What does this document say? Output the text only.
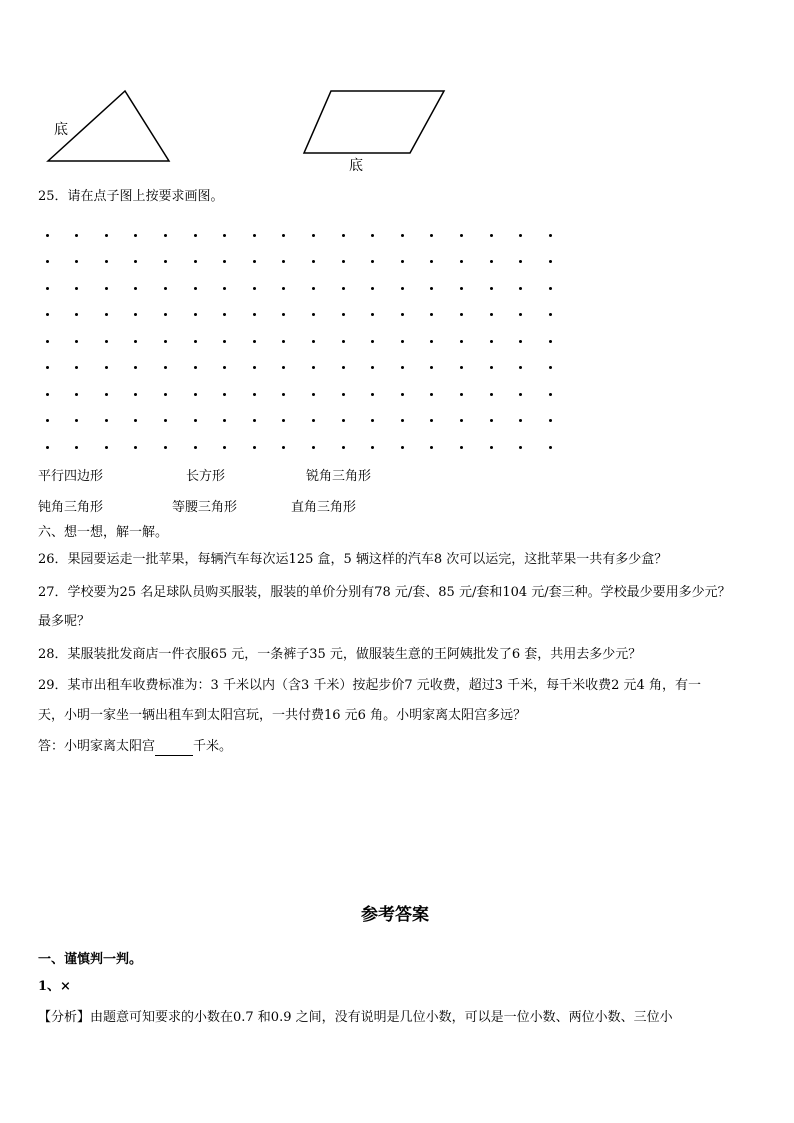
底
底
25．请在点子图上按要求画图。
平行四边形	长方形	锐角三角形
钝角三角形	等腰三角形	直角三角形
六、想一想，解一解。
26．果园要运走一批苹果，每辆汽车每次运125 盒，5 辆这样的汽车8 次可以运完，这批苹果一共有多少盒？
27．学校要为25 名足球队员购买服装，服装的单价分别有78 元/套、85 元/套和104 元/套三种。学校最少要用多少元？
最多呢？
28．某服装批发商店一件衣服65 元，一条裤子35 元，做服装生意的王阿姨批发了6 套，共用去多少元？
29．某市出租车收费标准为：3 千米以内（含3 千米）按起步价7 元收费，超过3 千米，每千米收费2 元4 角，有一
天，小明一家坐一辆出租车到太阳宫玩，一共付费16 元6 角。小明家离太阳宫多远？
答：小明家离太阳宫	千米。
参考答案
一、谨慎判一判。
1、×
【分析】由题意可知要求的小数在0.7 和0.9 之间，没有说明是几位小数，可以是一位小数、两位小数、三位小
